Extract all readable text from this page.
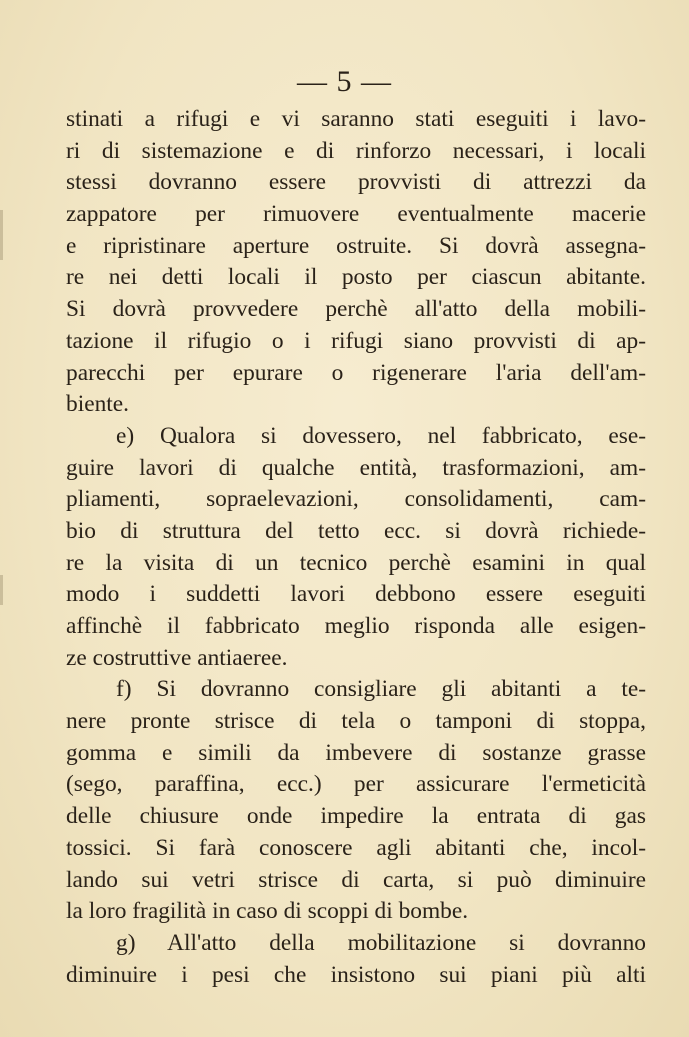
— 5 —
stinati a rifugi e vi saranno stati eseguiti i lavo-
ri di sistemazione e di rinforzo necessari, i locali
stessi dovranno essere provvisti di attrezzi da
zappatore per rimuovere eventualmente macerie
e ripristinare aperture ostruite. Si dovrà assegna-
re nei detti locali il posto per ciascun abitante.
Si dovrà provvedere perchè all'atto della mobili-
tazione il rifugio o i rifugi siano provvisti di ap-
parecchi per epurare o rigenerare l'aria dell'am-
biente.
e) Qualora si dovessero, nel fabbricato, ese-
guire lavori di qualche entità, trasformazioni, am-
pliamenti, sopraelevazioni, consolidamenti, cam-
bio di struttura del tetto ecc. si dovrà richiede-
re la visita di un tecnico perchè esamini in qual
modo i suddetti lavori debbono essere eseguiti
affinchè il fabbricato meglio risponda alle esigen-
ze costruttive antiaeree.
f) Si dovranno consigliare gli abitanti a te-
nere pronte strisce di tela o tamponi di stoppa,
gomma e simili da imbevere di sostanze grasse
(sego, paraffina, ecc.) per assicurare l'ermeticità
delle chiusure onde impedire la entrata di gas
tossici. Si farà conoscere agli abitanti che, incol-
lando sui vetri strisce di carta, si può diminuire
la loro fragilità in caso di scoppi di bombe.
g) All'atto della mobilitazione si dovranno
diminuire i pesi che insistono sui piani più alti
